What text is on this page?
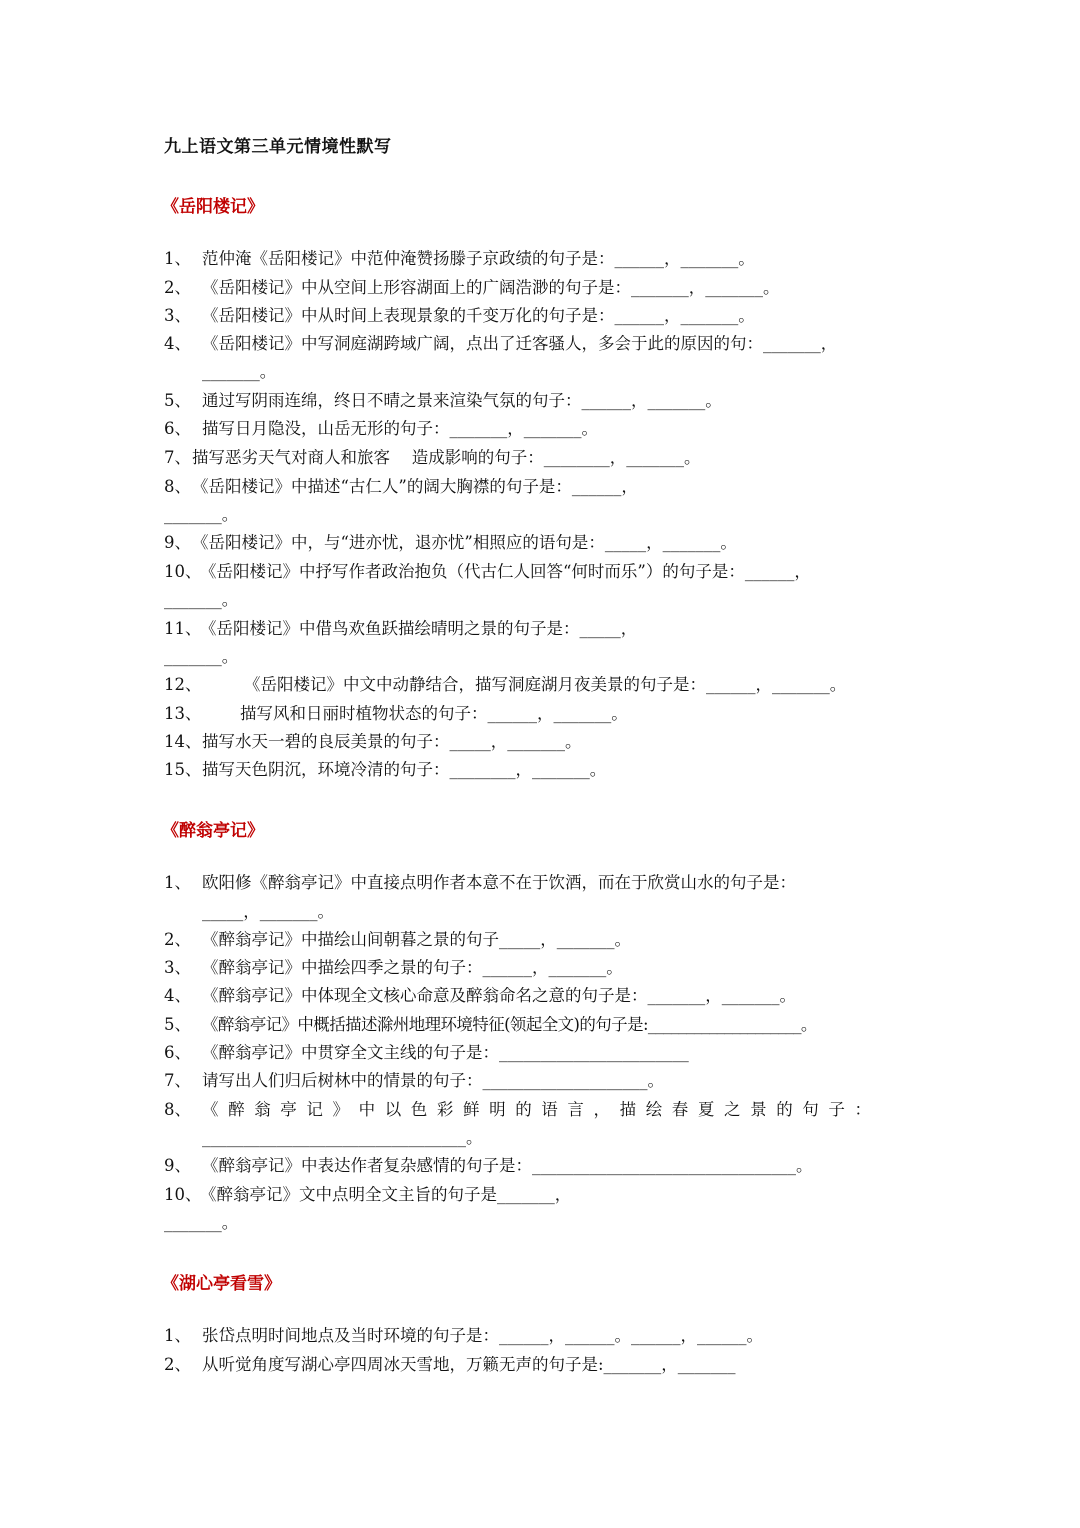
九上语文第三单元情境性默写
《岳阳楼记》
1、 范仲淹《岳阳楼记》中范仲淹赞扬滕子京政绩的句子是：______，_______。
2、 《岳阳楼记》中从空间上形容湖面上的广阔浩渺的句子是：_______，_______。
3、 《岳阳楼记》中从时间上表现景象的千变万化的句子是：______，_______。
4、 《岳阳楼记》中写洞庭湖跨域广阔，点出了迁客骚人，多会于此的原因的句：_______，
_______。
5、 通过写阴雨连绵，终日不晴之景来渲染气氛的句子：______，_______。
6、 描写日月隐没，山岳无形的句子：_______，_______。
7、描写恶劣天气对商人和旅客　 造成影响的句子：________，_______。
8、《岳阳楼记》中描述“古仁人”的阔大胸襟的句子是：______，
_______。
9、《岳阳楼记》中，与“进亦忧，退亦忧”相照应的语句是：_____，_______。
10、《岳阳楼记》中抒写作者政治抱负（代古仁人回答“何时而乐”）的句子是：______，
_______。
11、《岳阳楼记》中借鸟欢鱼跃描绘晴明之景的句子是：_____，
_______。
12、	《岳阳楼记》中文中动静结合，描写洞庭湖月夜美景的句子是：______，_______。
13、 描写风和日丽时植物状态的句子：______，_______。
14、描写水天一碧的良辰美景的句子：_____，_______。
15、描写天色阴沉，环境冷清的句子：________，_______。
《醉翁亭记》
1、 欧阳修《醉翁亭记》中直接点明作者本意不在于饮酒，而在于欣赏山水的句子是：
_____，_______。
2、 《醉翁亭记》中描绘山间朝暮之景的句子_____，_______。
3、 《醉翁亭记》中描绘四季之景的句子：______，_______。
4、 《醉翁亭记》中体现全文核心命意及醉翁命名之意的句子是：_______，_______。
5、 《醉翁亭记》中概括描述滁州地理环境特征(领起全文)的句子是:____________________。
6、 《醉翁亭记》中贯穿全文主线的句子是：_______________________
7、 请写出人们归后树林中的情景的句子：____________________。
8、 《醉翁亭记》中以色彩鲜明的语言，描绘春夏之景的句子：
________________________________。
9、 《醉翁亭记》中表达作者复杂感情的句子是：________________________________。
10、《醉翁亭记》文中点明全文主旨的句子是_______，
_______。
《湖心亭看雪》
1、 张岱点明时间地点及当时环境的句子是：______，______。______，______。
2、 从听觉角度写湖心亭四周冰天雪地，万籁无声的句子是:_______，_______
